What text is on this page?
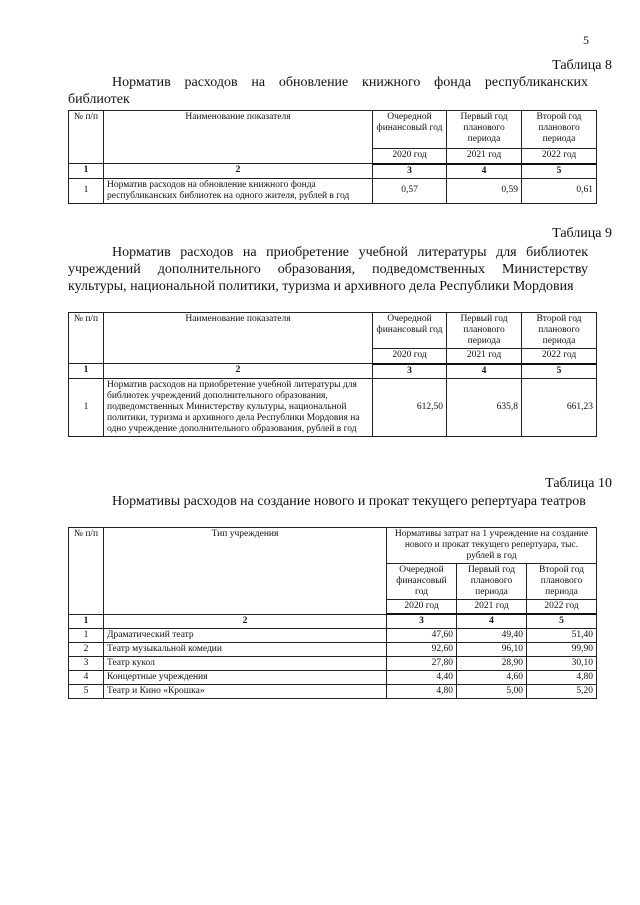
5
Таблица 8
Норматив расходов на обновление книжного фонда республиканских библиотек
№ п/п	Наименование показателя	Очередной финансовый год	Первый год планового периода	Второй год планового периода
		2020 год	2021 год	2022 год
1	2	3	4	5
1	Норматив расходов на обновление книжного фонда республиканских библиотек на одного жителя, рублей в год	0,57	0,59	0,61
Таблица 9
Норматив расходов на приобретение учебной литературы для библиотек учреждений дополнительного образования, подведомственных Министерству культуры, национальной политики, туризма и архивного дела Республики Мордовия
№ п/п	Наименование показателя	Очередной финансовый год	Первый год планового периода	Второй год планового периода
		2020 год	2021 год	2022 год
1	2	3	4	5
1	Норматив расходов на приобретение учебной литературы для библиотек учреждений дополнительного образования, подведомственных Министерству культуры, национальной политики, туризма и архивного дела Республики Мордовия на одно учреждение дополнительного образования, рублей в год	612,50	635,8	661,23
Таблица 10
Нормативы расходов на создание нового и прокат текущего репертуара театров
№ п/п	Тип учреждения	Нормативы затрат на 1 учреждение на создание нового и прокат текущего репертуара, тыс. рублей в год		
		Очередной финансовый год	Первый год планового периода	Второй год планового периода
		2020 год	2021 год	2022 год
1	2	3	4	5
1	Драматический театр	47,60	49,40	51,40
2	Театр музыкальной комедии	92,60	96,10	99,90
3	Театр кукол	27,80	28,90	30,10
4	Концертные учреждения	4,40	4,60	4,80
5	Театр и Кино «Крошка»	4,80	5,00	5,20
